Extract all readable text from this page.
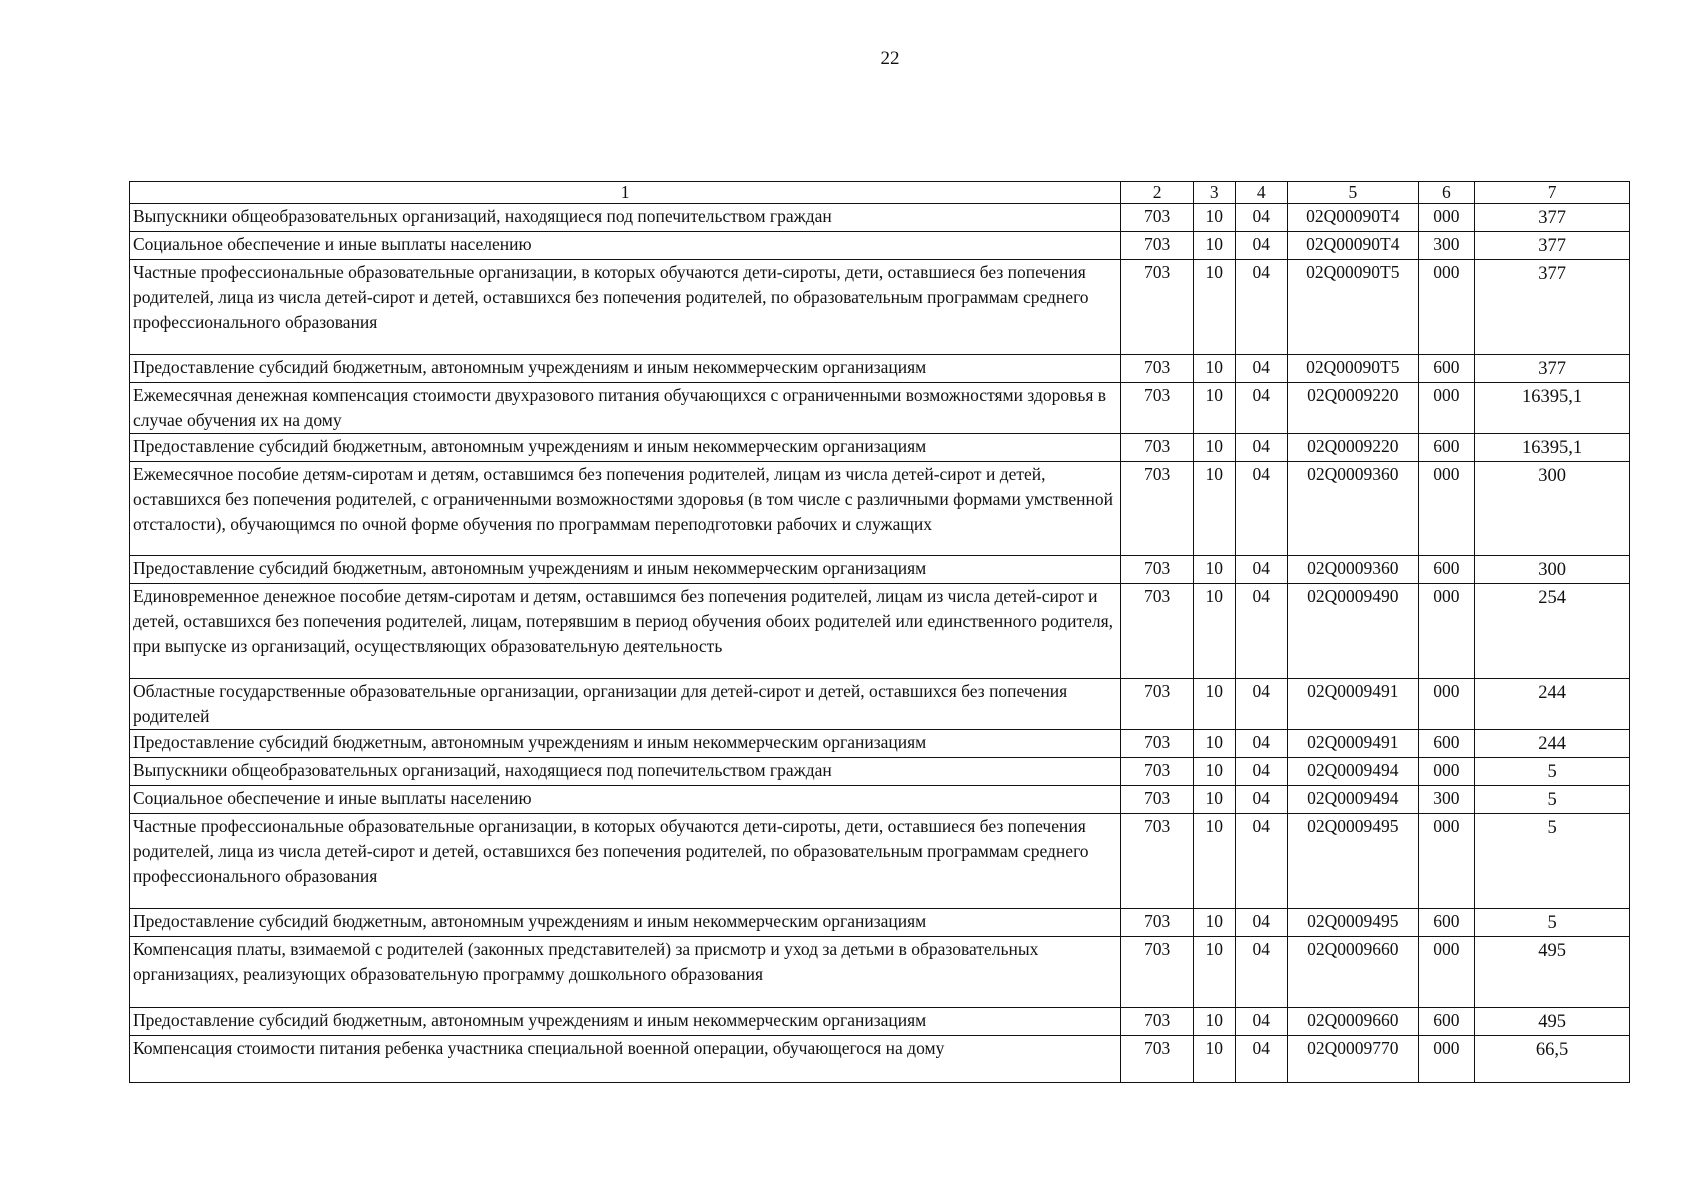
22
1	2	3	4	5	6	7
Выпускники общеобразовательных организаций, находящиеся под попечительством граждан	703	10	04	02Q00090T4	000	377
Социальное обеспечение и иные выплаты населению	703	10	04	02Q00090T4	300	377
Частные профессиональные образовательные организации, в которых обучаются дети-сироты, дети, оставшиеся без попечения родителей, лица из числа детей-сирот и детей, оставшихся без попечения родителей, по образовательным программам среднего профессионального образования	703	10	04	02Q00090T5	000	377
Предоставление субсидий бюджетным, автономным учреждениям и иным некоммерческим организациям	703	10	04	02Q00090T5	600	377
Ежемесячная денежная компенсация стоимости двухразового питания обучающихся с ограниченными возможностями здоровья в случае обучения их на дому	703	10	04	02Q0009220	000	16395,1
Предоставление субсидий бюджетным, автономным учреждениям и иным некоммерческим организациям	703	10	04	02Q0009220	600	16395,1
Ежемесячное пособие детям-сиротам и детям, оставшимся без попечения родителей, лицам из числа детей-сирот и детей, оставшихся без попечения родителей, с ограниченными возможностями здоровья (в том числе с различными формами умственной отсталости), обучающимся по очной форме обучения по программам переподготовки рабочих и служащих	703	10	04	02Q0009360	000	300
Предоставление субсидий бюджетным, автономным учреждениям и иным некоммерческим организациям	703	10	04	02Q0009360	600	300
Единовременное денежное пособие детям-сиротам и детям, оставшимся без попечения родителей, лицам из числа детей-сирот и детей, оставшихся без попечения родителей, лицам, потерявшим в период обучения обоих родителей или единственного родителя, при выпуске из организаций, осуществляющих образовательную деятельность	703	10	04	02Q0009490	000	254
Областные государственные образовательные организации, организации для детей-сирот и детей, оставшихся без попечения родителей	703	10	04	02Q0009491	000	244
Предоставление субсидий бюджетным, автономным учреждениям и иным некоммерческим организациям	703	10	04	02Q0009491	600	244
Выпускники общеобразовательных организаций, находящиеся под попечительством граждан	703	10	04	02Q0009494	000	5
Социальное обеспечение и иные выплаты населению	703	10	04	02Q0009494	300	5
Частные профессиональные образовательные организации, в которых обучаются дети-сироты, дети, оставшиеся без попечения родителей, лица из числа детей-сирот и детей, оставшихся без попечения родителей, по образовательным программам среднего профессионального образования	703	10	04	02Q0009495	000	5
Предоставление субсидий бюджетным, автономным учреждениям и иным некоммерческим организациям	703	10	04	02Q0009495	600	5
Компенсация платы, взимаемой с родителей (законных представителей) за присмотр и уход за детьми в образовательных организациях, реализующих образовательную программу дошкольного образования	703	10	04	02Q0009660	000	495
Предоставление субсидий бюджетным, автономным учреждениям и иным некоммерческим организациям	703	10	04	02Q0009660	600	495
Компенсация стоимости питания ребенка участника специальной военной операции, обучающегося на дому	703	10	04	02Q0009770	000	66,5
